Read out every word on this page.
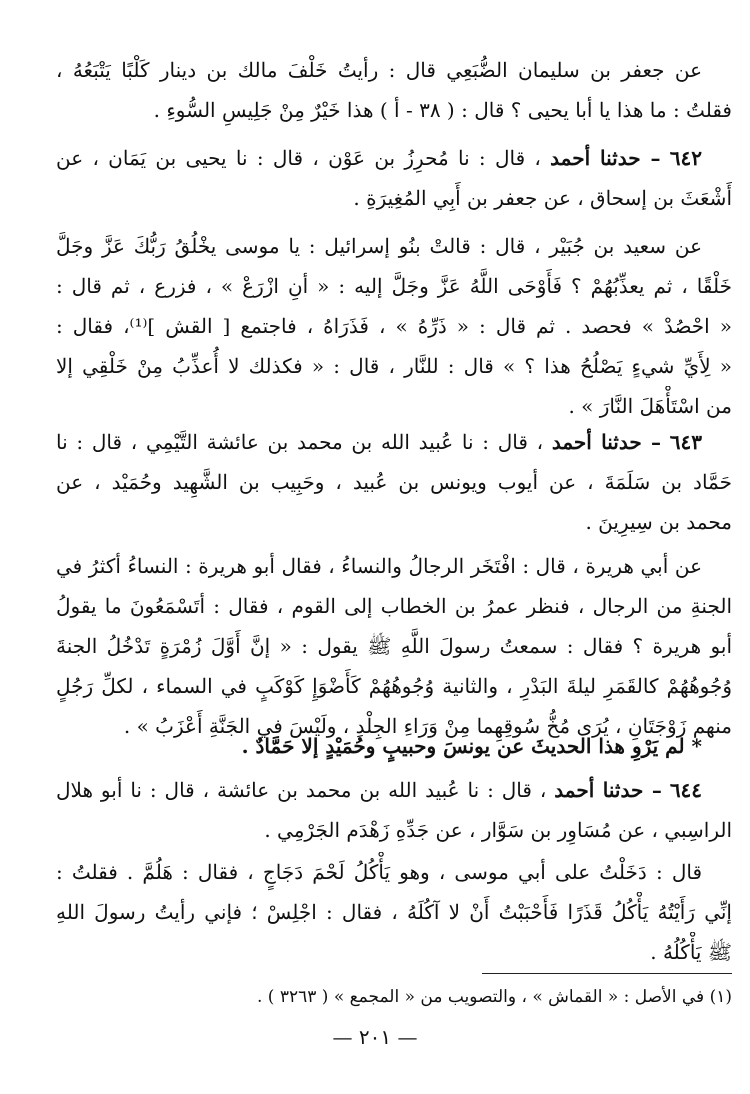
عن جعفر بن سليمان الضُّبَعِي قال : رأيتُ خَلْفَ مالك بن دينار كَلْبًا يَتْبَعُهُ ،
فقلتُ : ما هذا يا أبا يحيى ؟ قال : ( ٣٨ - أ ) هذا خَيْرٌ مِنْ جَلِيسِ السُّوءِ .
٦٤٢ – حدثنا أحمد ، قال : نا مُحرِزُ بن عَوْن ، قال : نا يحيى بن يَمَان ، عن
أَشْعَثَ بن إسحاق ، عن جعفر بن أَبِي المُغِيرَةِ .
عن سعيد بن جُبَيْر ، قال : قالتْ بنُو إسرائيل : يا موسى يخْلُقُ رَبُّكَ عَزَّ وجَلَّ
خَلْقًا ، ثم يعذِّبُهُمْ ؟ فَأَوْحَى اللَّهُ عَزَّ وجَلَّ إليه : « أنِ ازْرَعْ » ، فزرع ، ثم قال :
« احْصُدْ » فحصد . ثم قال : « ذَرِّهُ » ، فَذَرَاهُ ، فاجتمع [ القش ]⁽¹⁾، فقال :
« لِأَيِّ شيءٍ يَصْلُحُ هذا ؟ » قال : للنَّار ، قال : « فكذلك لا أُعذِّبُ مِنْ خَلْقِي إلا
من اسْتَأْهَلَ النَّارَ » .
٦٤٣ – حدثنا أحمد ، قال : نا عُبيد الله بن محمد بن عائشة التَّيْمِي ، قال : نا
حَمَّاد بن سَلَمَةَ ، عن أيوب ويونس بن عُبيد ، وحَبِيب بن الشَّهِيد وحُمَيْد ، عن
محمد بن سِيرِينَ .
عن أبي هريرة ، قال : افْتَخَر الرجالُ والنساءُ ، فقال أبو هريرة : النساءُ أكثرُ في
الجنةِ من الرجال ، فنظر عمرُ بن الخطاب إلى القوم ، فقال : أتَسْمَعُونَ ما يقولُ
أبو هريرة ؟ فقال : سمعتُ رسولَ اللَّهِ ﷺ يقول : « إنَّ أَوَّلَ زُمْرَةٍ تَدْخُلُ الجنةَ
وُجُوهُهُمْ كالقَمَرِ ليلةَ البَدْرِ ، والثانية وُجُوهُهُمْ كَأَضْوَإِ كَوْكَبٍ في السماء ، لكلِّ رَجُلٍ
منهم زَوْجَتَانِ ، يُرَى مُخُّ سُوقِهِما مِنْ وَرَاءِ الجِلْدِ ، ولَيْسَ في الجَنَّةِ أَعْزَبُ » .
* لم يَرْوِ هذا الحديثَ عن يونسَ وحبيبٍ وحُمَيْدٍ إلا حَمَّادٌ .
٦٤٤ – حدثنا أحمد ، قال : نا عُبيد الله بن محمد بن عائشة ، قال : نا أبو هلال
الراسِبي ، عن مُسَاوِر بن سَوَّار ، عن جَدِّهِ زَهْدَم الجَرْمِي .
قال : دَخَلْتُ على أبي موسى ، وهو يَأْكُلُ لَحْمَ دَجَاجٍ ، فقال : هَلُمَّ . فقلتُ :
إنِّي رَأَيْتُهُ يَأْكُلُ قَذَرًا فَأَحْبَبْتُ أَنْ لا آكُلَهُ ، فقال : اجْلِسْ ؛ فإني رأيتُ رسولَ اللهِ
ﷺ يَأْكُلُهُ .
(١) في الأصل : « القماش » ، والتصويب من « المجمع » ( ٣٢٦٣ ) .
— ٢٠١ —
